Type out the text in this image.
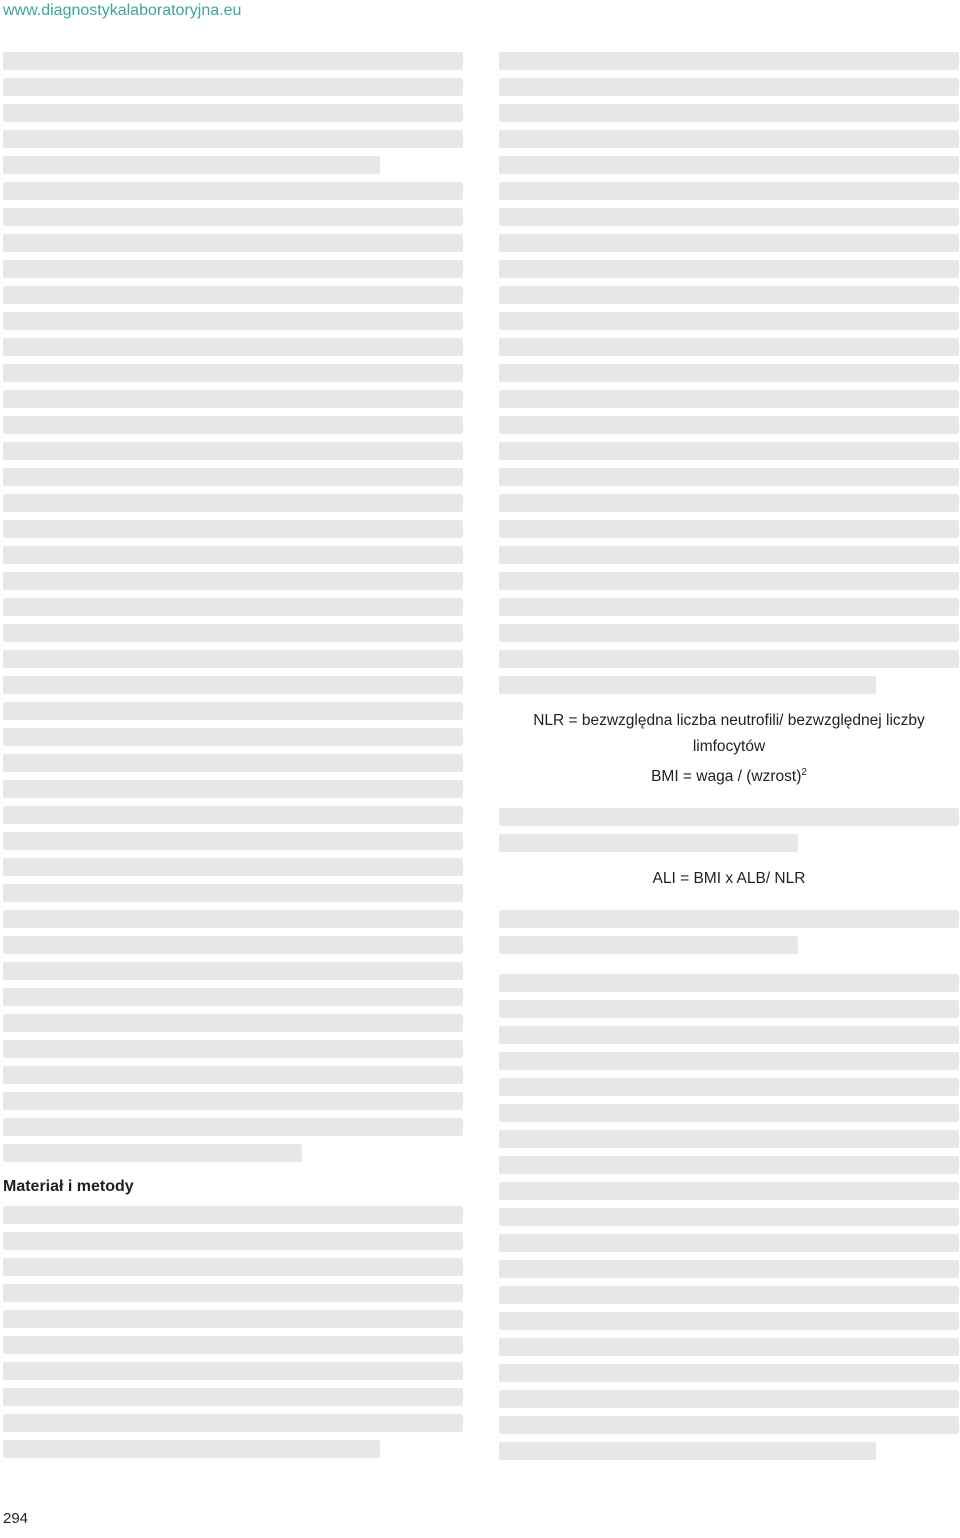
www.diagnostykalaboratoryjna.eu
Materiał i metody
NLR = bezwzględna liczba neutrofili/ bezwzględnej liczby
limfocytów
BMI = waga / (wzrost)$^2$
ALI = BMI x ALB/ NLR
294
